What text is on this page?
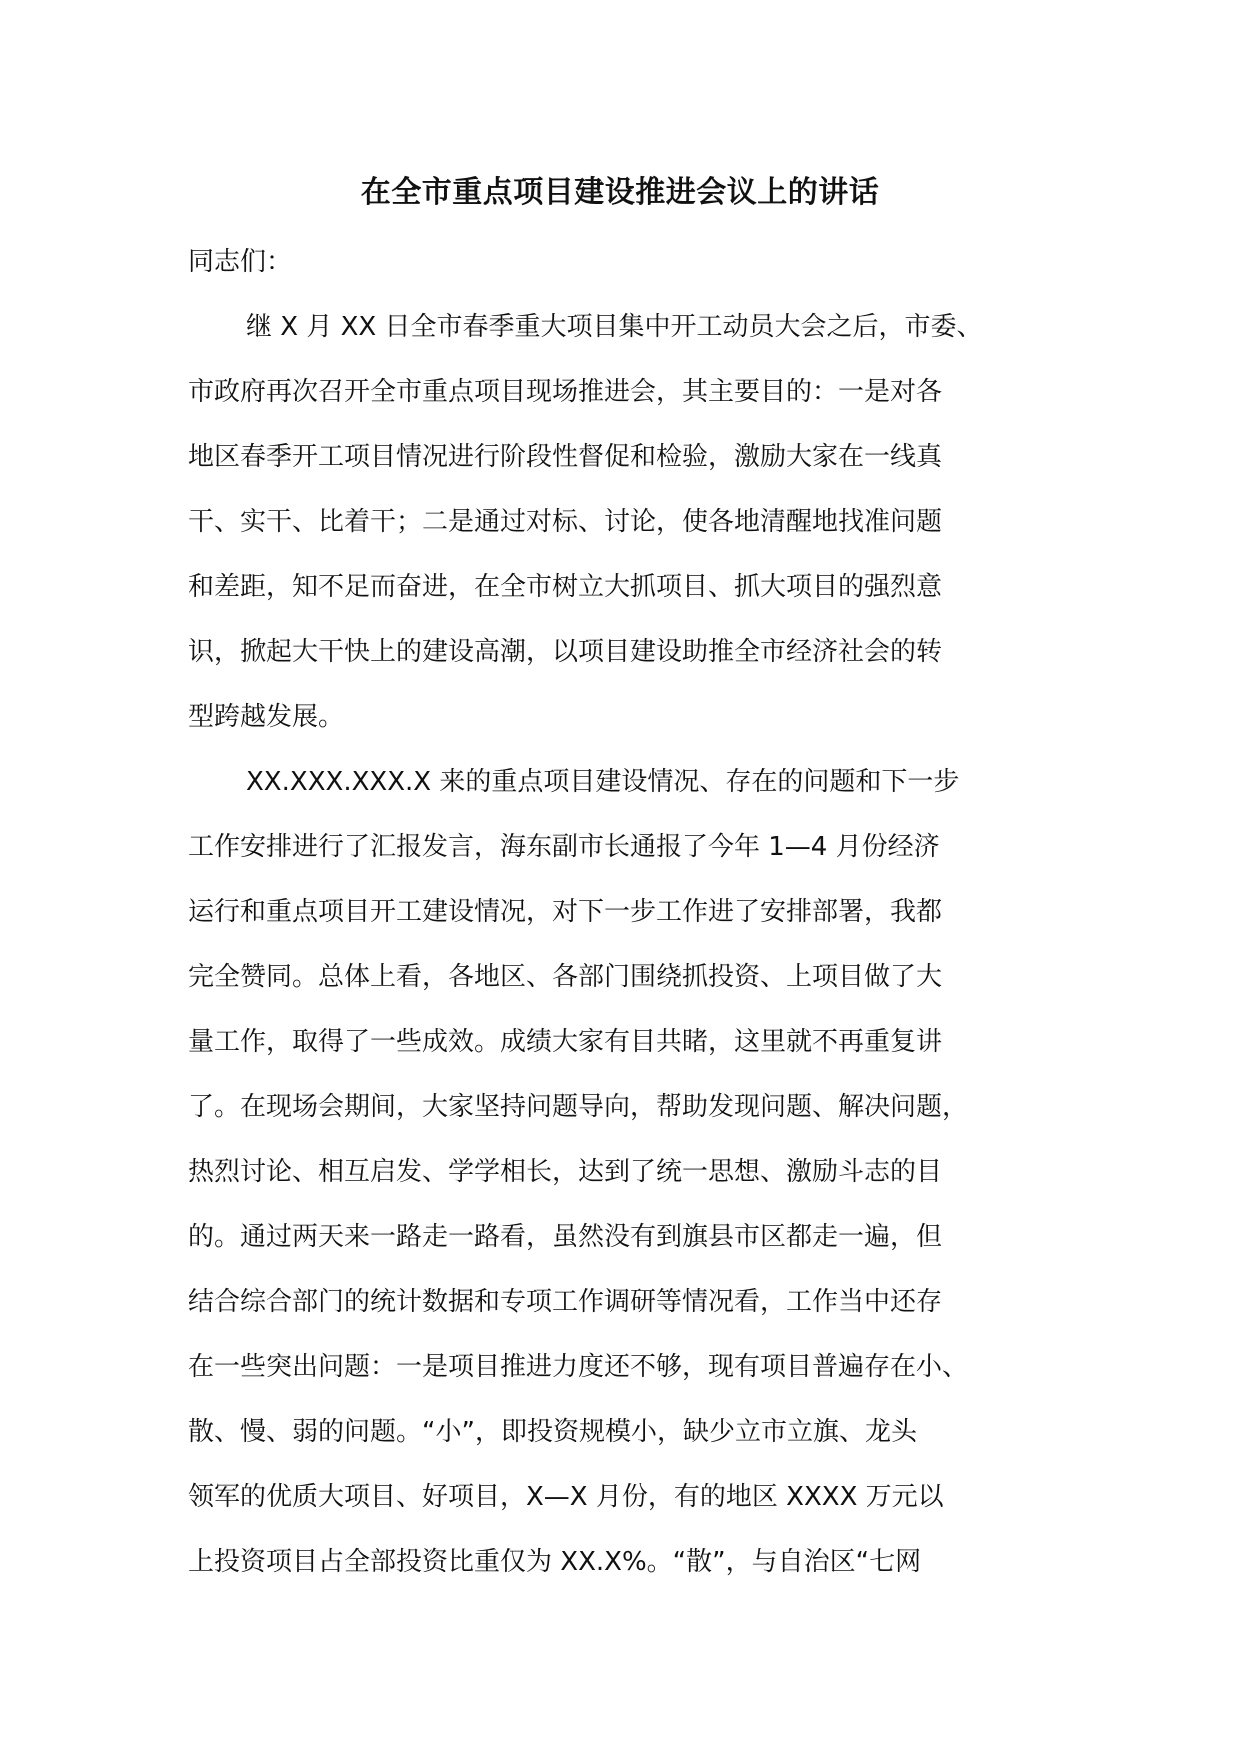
在全市重点项目建设推进会议上的讲话
同志们：
继 X 月 XX 日全市春季重大项目集中开工动员大会之后，市委、
市政府再次召开全市重点项目现场推进会，其主要目的：一是对各
地区春季开工项目情况进行阶段性督促和检验，激励大家在一线真
干、实干、比着干；二是通过对标、讨论，使各地清醒地找准问题
和差距，知不足而奋进，在全市树立大抓项目、抓大项目的强烈意
识，掀起大干快上的建设高潮，以项目建设助推全市经济社会的转
型跨越发展。
XX.XXX.XXX.X 来的重点项目建设情况、存在的问题和下一步
工作安排进行了汇报发言，海东副市长通报了今年 1—4 月份经济
运行和重点项目开工建设情况，对下一步工作进了安排部署，我都
完全赞同。总体上看，各地区、各部门围绕抓投资、上项目做了大
量工作，取得了一些成效。成绩大家有目共睹，这里就不再重复讲
了。在现场会期间，大家坚持问题导向，帮助发现问题、解决问题，
热烈讨论、相互启发、学学相长，达到了统一思想、激励斗志的目
的。通过两天来一路走一路看，虽然没有到旗县市区都走一遍，但
结合综合部门的统计数据和专项工作调研等情况看，工作当中还存
在一些突出问题：一是项目推进力度还不够，现有项目普遍存在小、
散、慢、弱的问题。“小”，即投资规模小，缺少立市立旗、龙头
领军的优质大项目、好项目，X—X 月份，有的地区 XXXX 万元以
上投资项目占全部投资比重仅为 XX.X%。“散”，与自治区“七网
